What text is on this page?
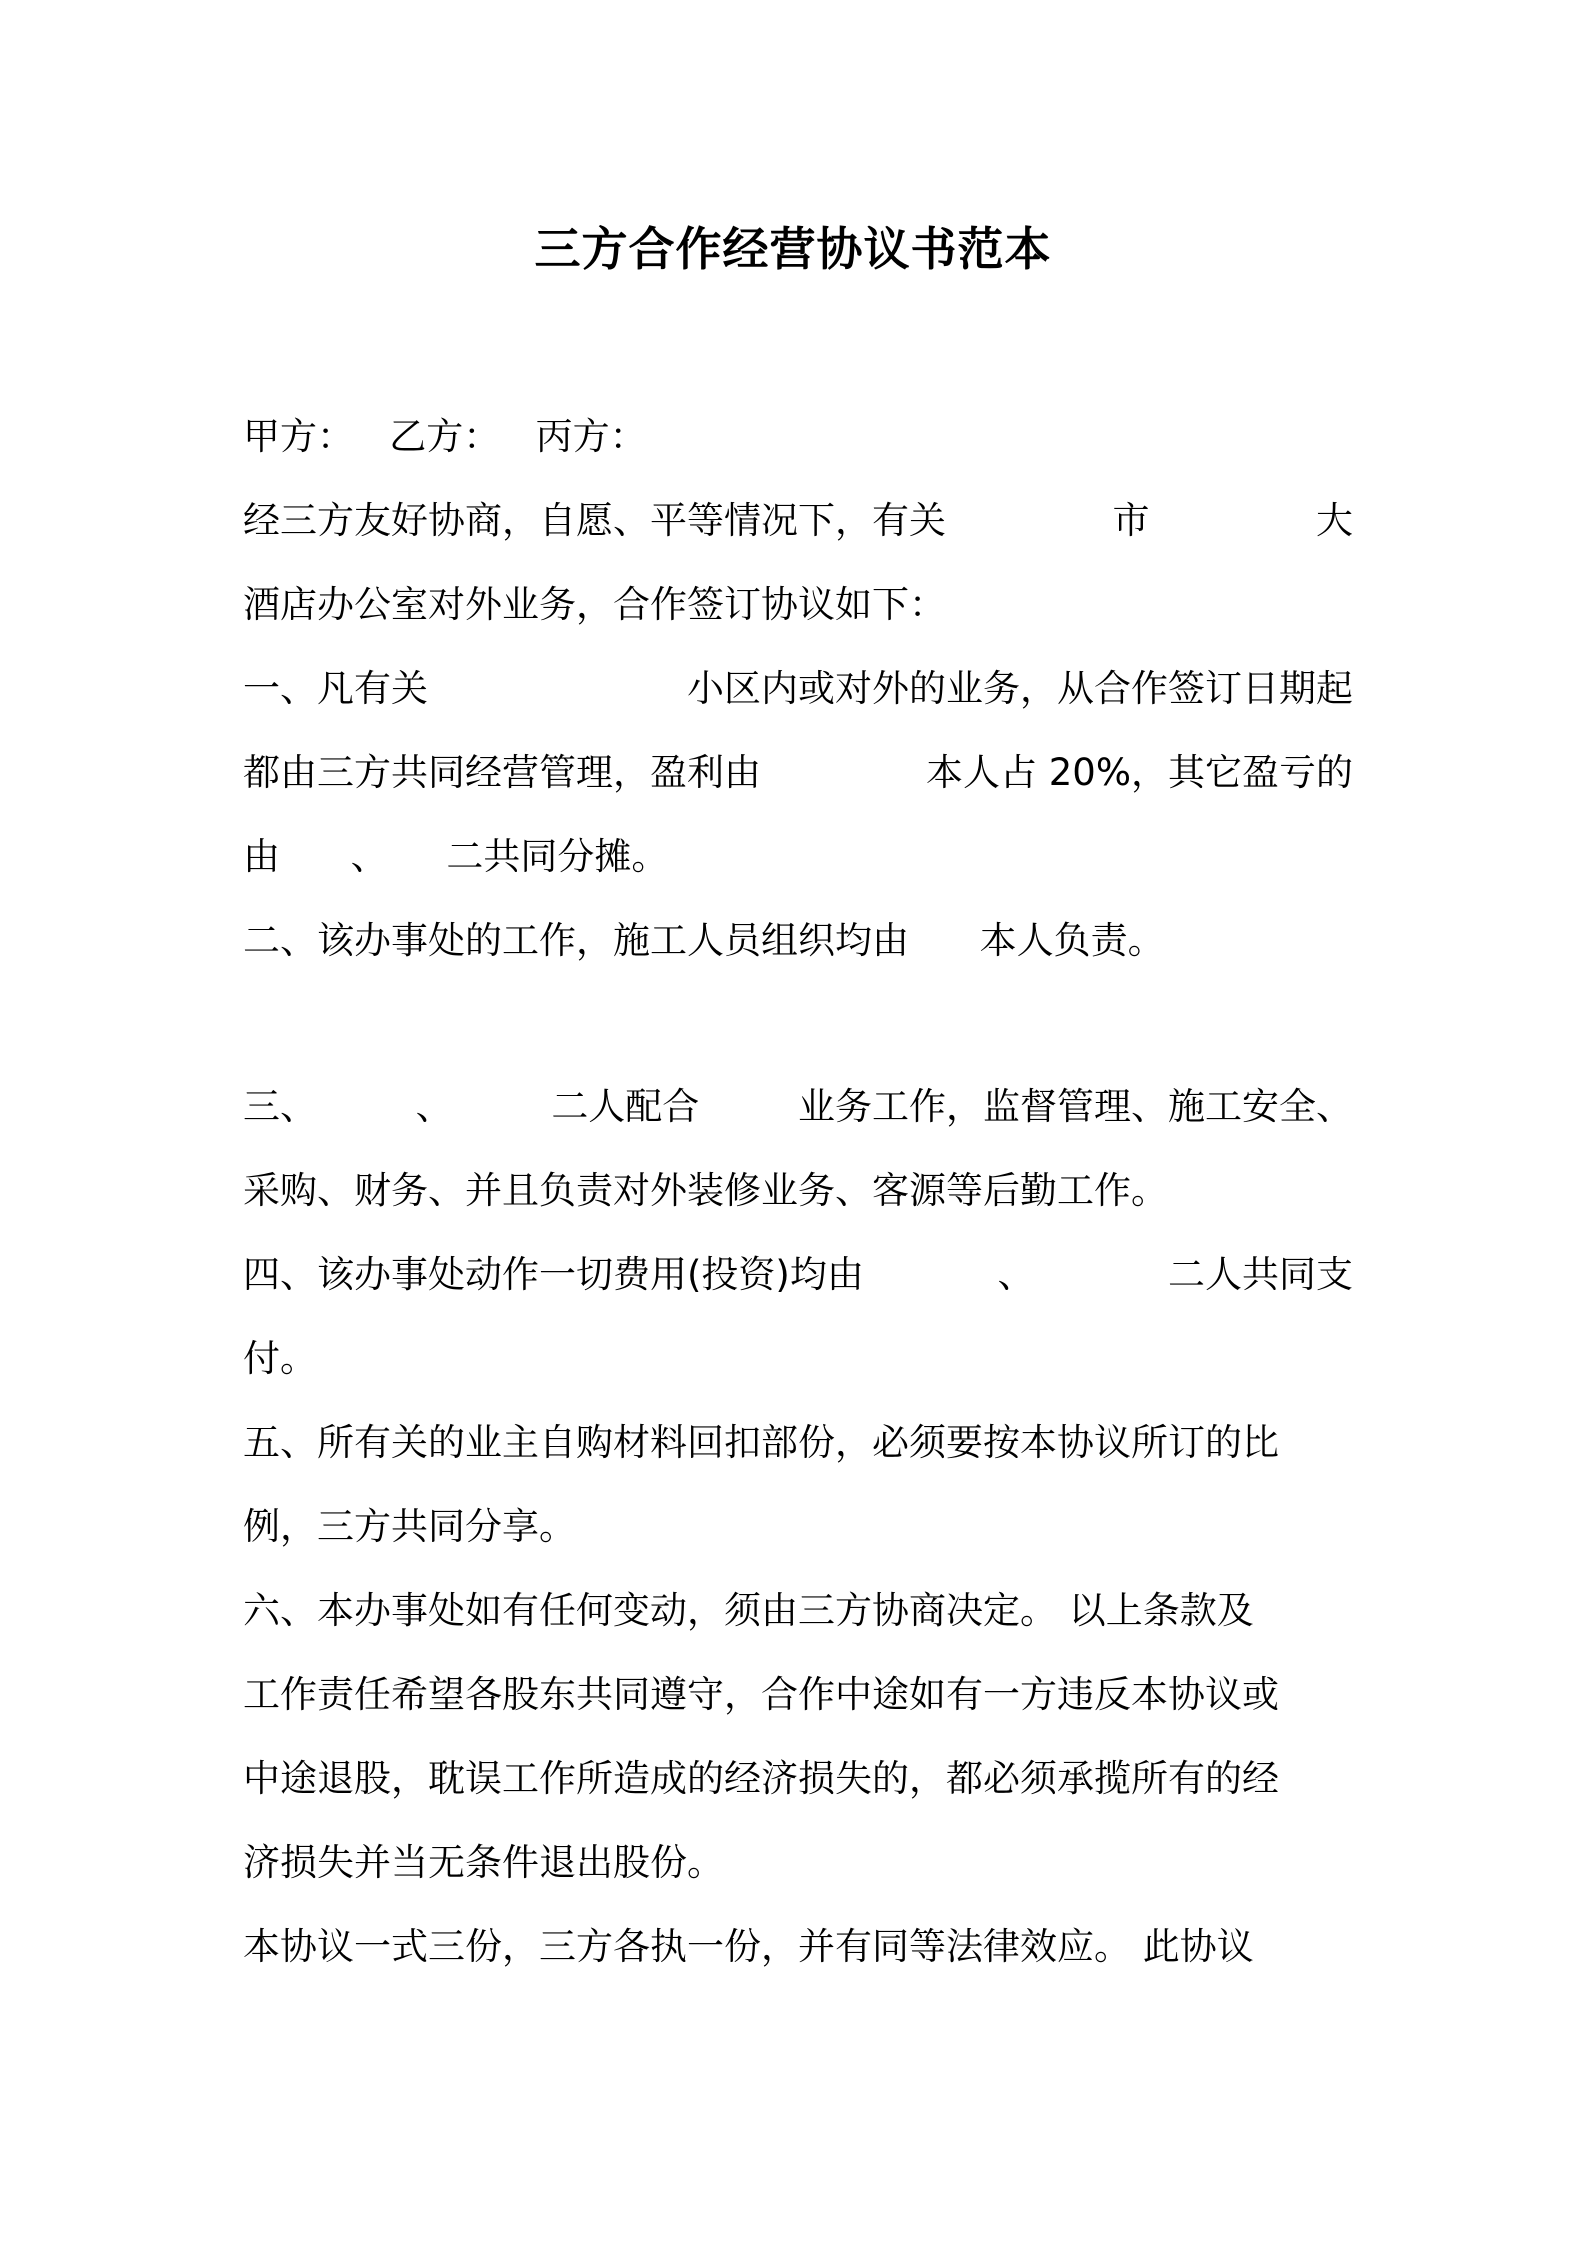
三方合作经营协议书范本
甲方：   乙方：   丙方：
经三方友好协商，自愿、平等情况下，有关	市	大
酒店办公室对外业务，合作签订协议如下：
一、凡有关	小区内或对外的业务，从合作签订日期起
都由三方共同经营管理，盈利由	本人占 20%，其它盈亏的
由      、     二共同分摊。
二、该办事处的工作，施工人员组织均由      本人负责。
三、	、	二人配合	业务工作，监督管理、施工安全、
采购、财务、并且负责对外装修业务、客源等后勤工作。
四、该办事处动作一切费用(投资)均由	、	二人共同支
付。
五、所有关的业主自购材料回扣部份，必须要按本协议所订的比
例，三方共同分享。
六、本办事处如有任何变动，须由三方协商决定。 以上条款及
工作责任希望各股东共同遵守，合作中途如有一方违反本协议或
中途退股，耽误工作所造成的经济损失的，都必须承揽所有的经
济损失并当无条件退出股份。
本协议一式三份，三方各执一份，并有同等法律效应。 此协议
